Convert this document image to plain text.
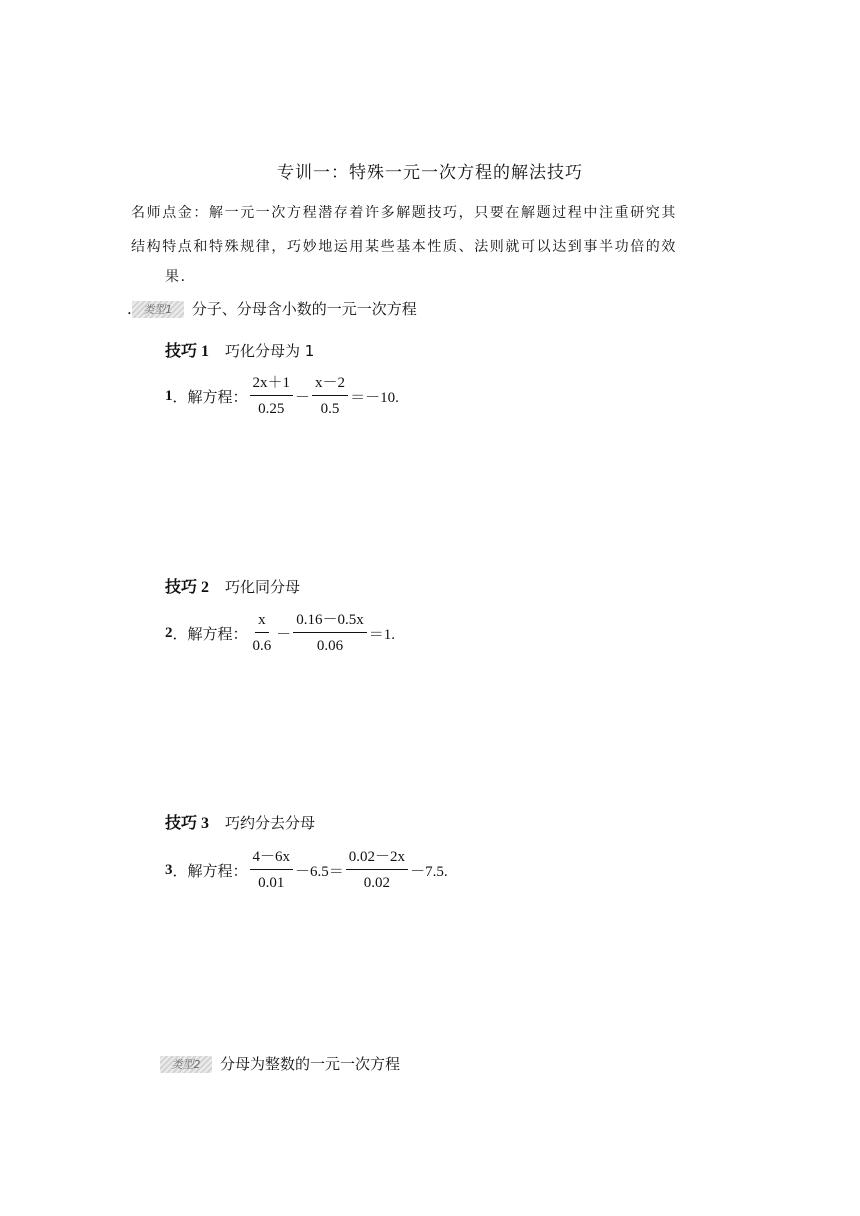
专训一：特殊一元一次方程的解法技巧
名师点金：解一元一次方程潜存着许多解题技巧，只要在解题过程中注重研究其
结构特点和特殊规律，巧妙地运用某些基本性质、法则就可以达到事半功倍的效
果．
. 类型1 分子、分母含小数的一元一次方程
技巧 1 巧化分母为 1
1 ．解方程： $\frac{2x+1}{0.25} - \frac{x-2}{0.5} =-10$.
技巧 2 巧化同分母
2 ．解方程： $\frac{x}{0.6} - \frac{0.16-0.5x}{0.06} =1$.
技巧 3 巧约分去分母
3 ．解方程： $\frac{4-6x}{0.01} -6.5= \frac{0.02-2x}{0.02} -7.5$.
类型2 分母为整数的一元一次方程
